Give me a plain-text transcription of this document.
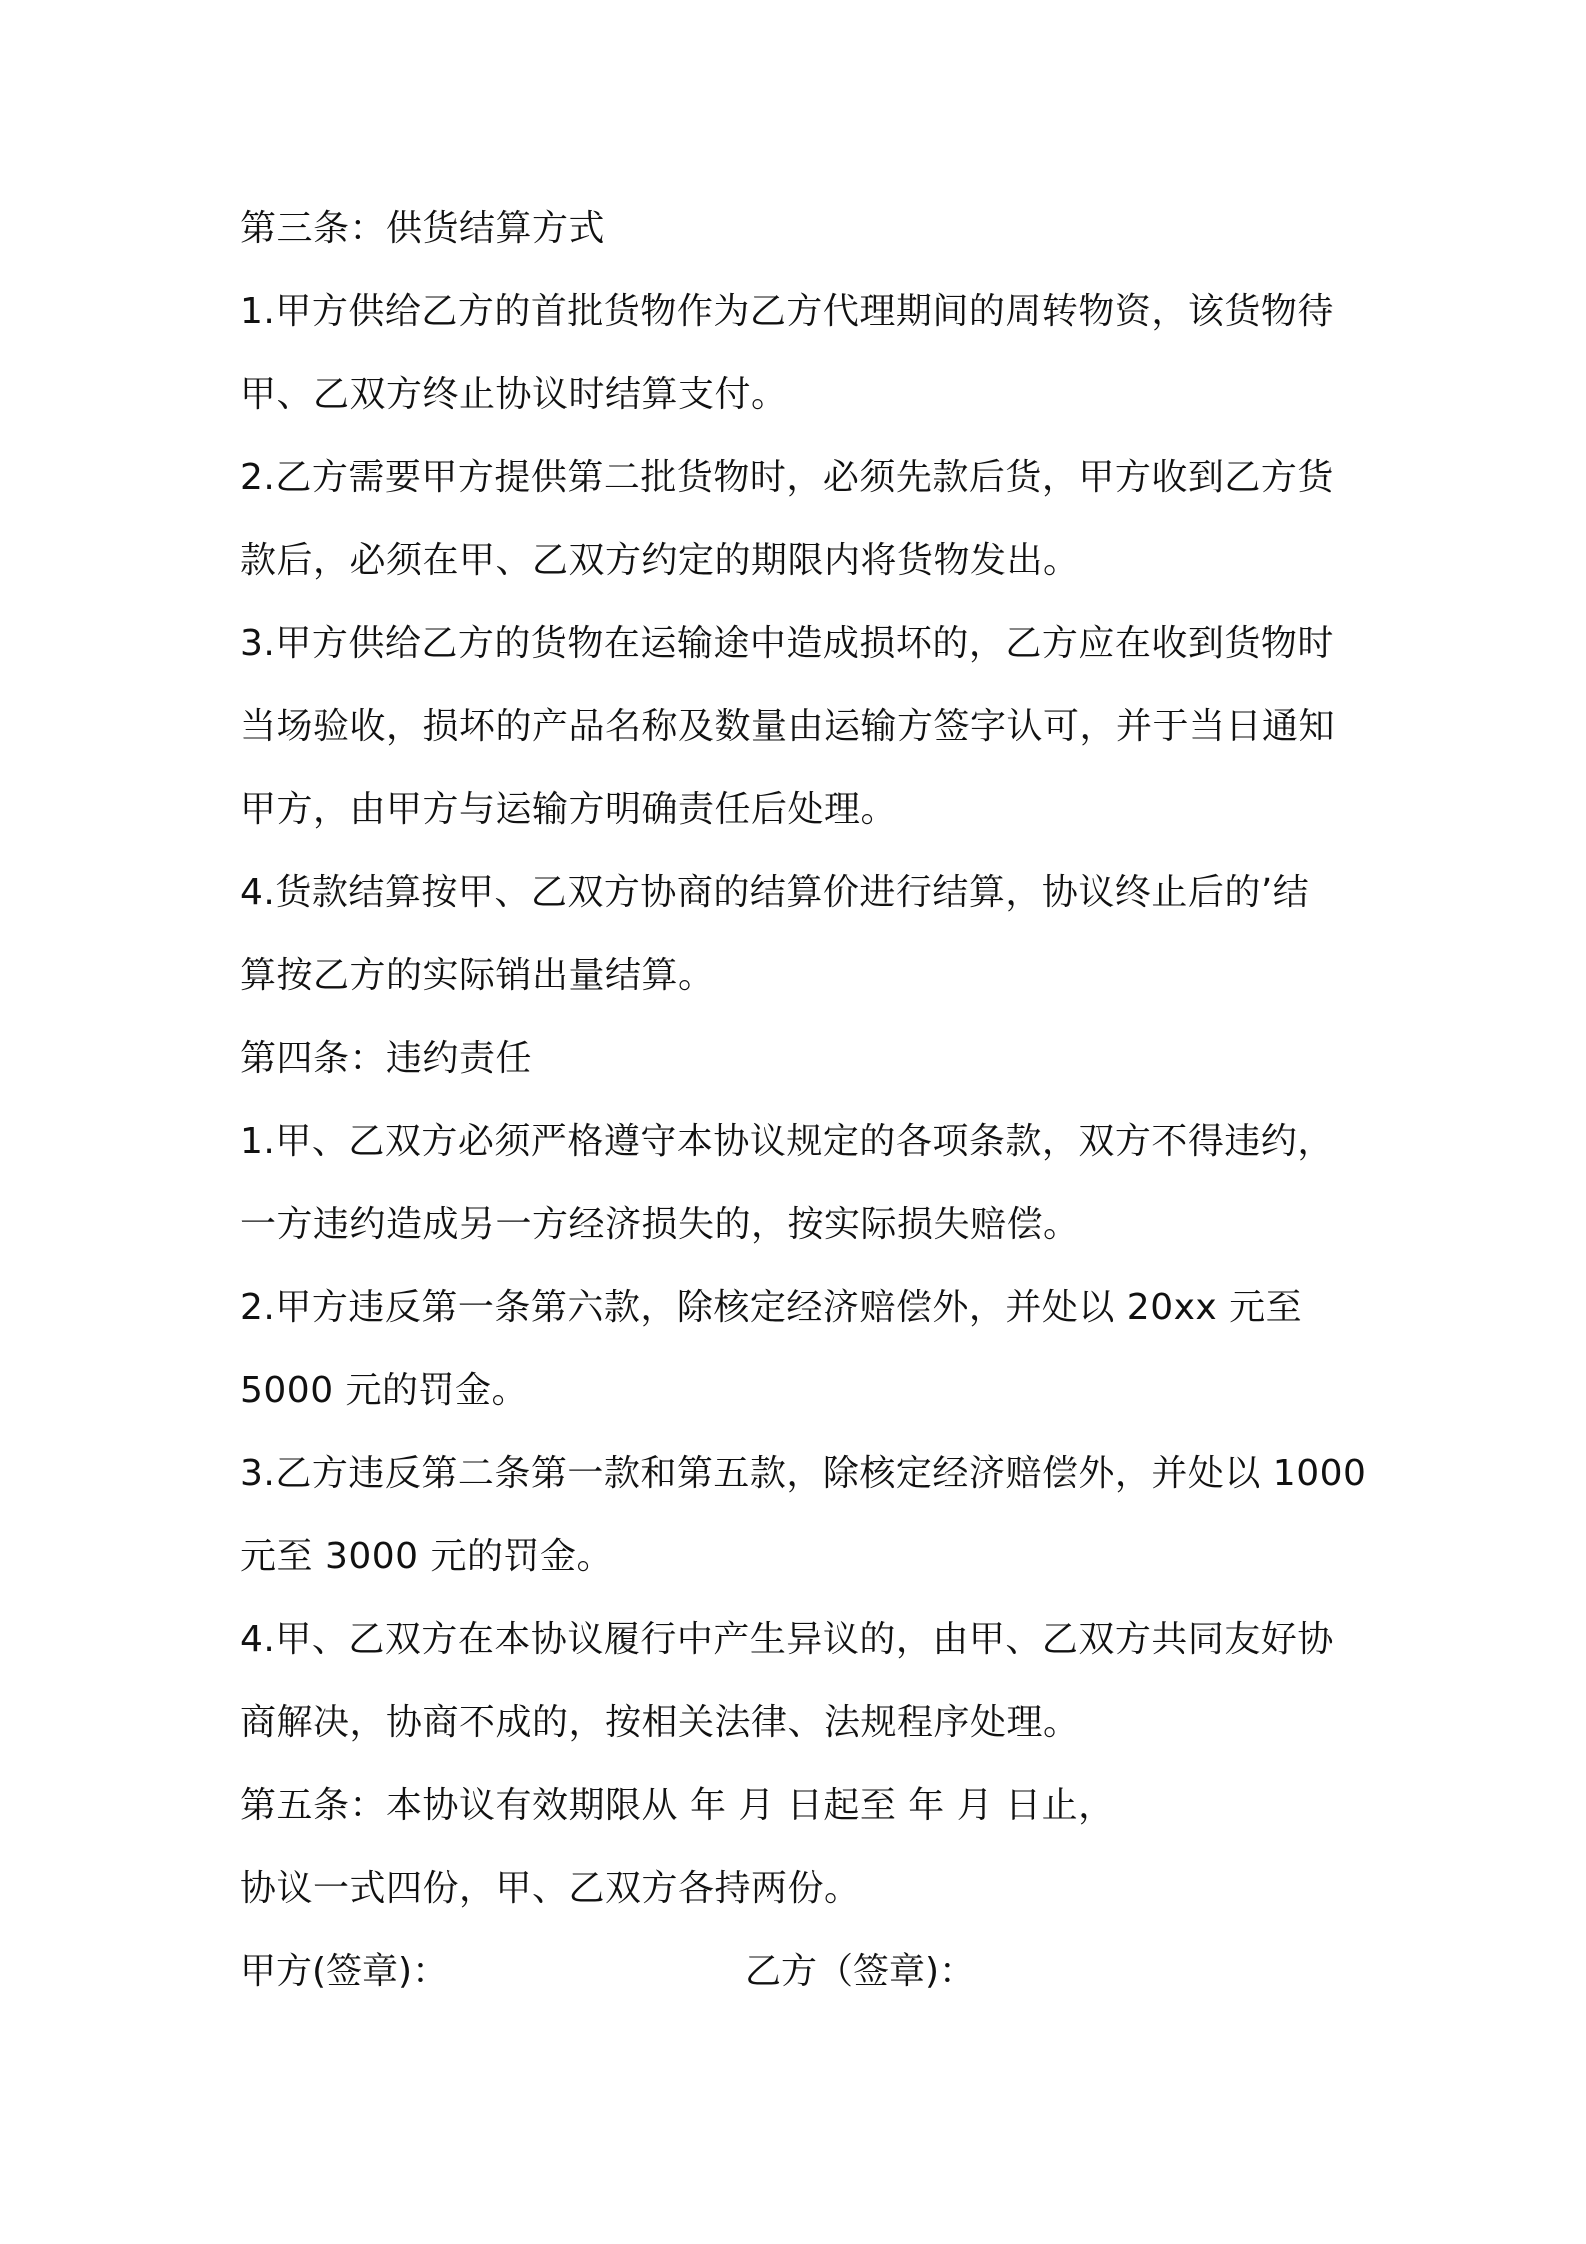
第三条：供货结算方式
1.甲方供给乙方的首批货物作为乙方代理期间的周转物资，该货物待
甲、乙双方终止协议时结算支付。
2.乙方需要甲方提供第二批货物时，必须先款后货，甲方收到乙方货
款后，必须在甲、乙双方约定的期限内将货物发出。
3.甲方供给乙方的货物在运输途中造成损坏的，乙方应在收到货物时
当场验收，损坏的产品名称及数量由运输方签字认可，并于当日通知
甲方，由甲方与运输方明确责任后处理。
4.货款结算按甲、乙双方协商的结算价进行结算，协议终止后的’结
算按乙方的实际销出量结算。
第四条：违约责任
1.甲、乙双方必须严格遵守本协议规定的各项条款，双方不得违约，
一方违约造成另一方经济损失的，按实际损失赔偿。
2.甲方违反第一条第六款，除核定经济赔偿外，并处以 20xx 元至
5000 元的罚金。
3.乙方违反第二条第一款和第五款，除核定经济赔偿外，并处以 1000
元至 3000 元的罚金。
4.甲、乙双方在本协议履行中产生异议的，由甲、乙双方共同友好协
商解决，协商不成的，按相关法律、法规程序处理。
第五条：本协议有效期限从 年 月 日起至 年 月 日止，
协议一式四份，甲、乙双方各持两份。
甲方(签章)：	乙方（签章)：
